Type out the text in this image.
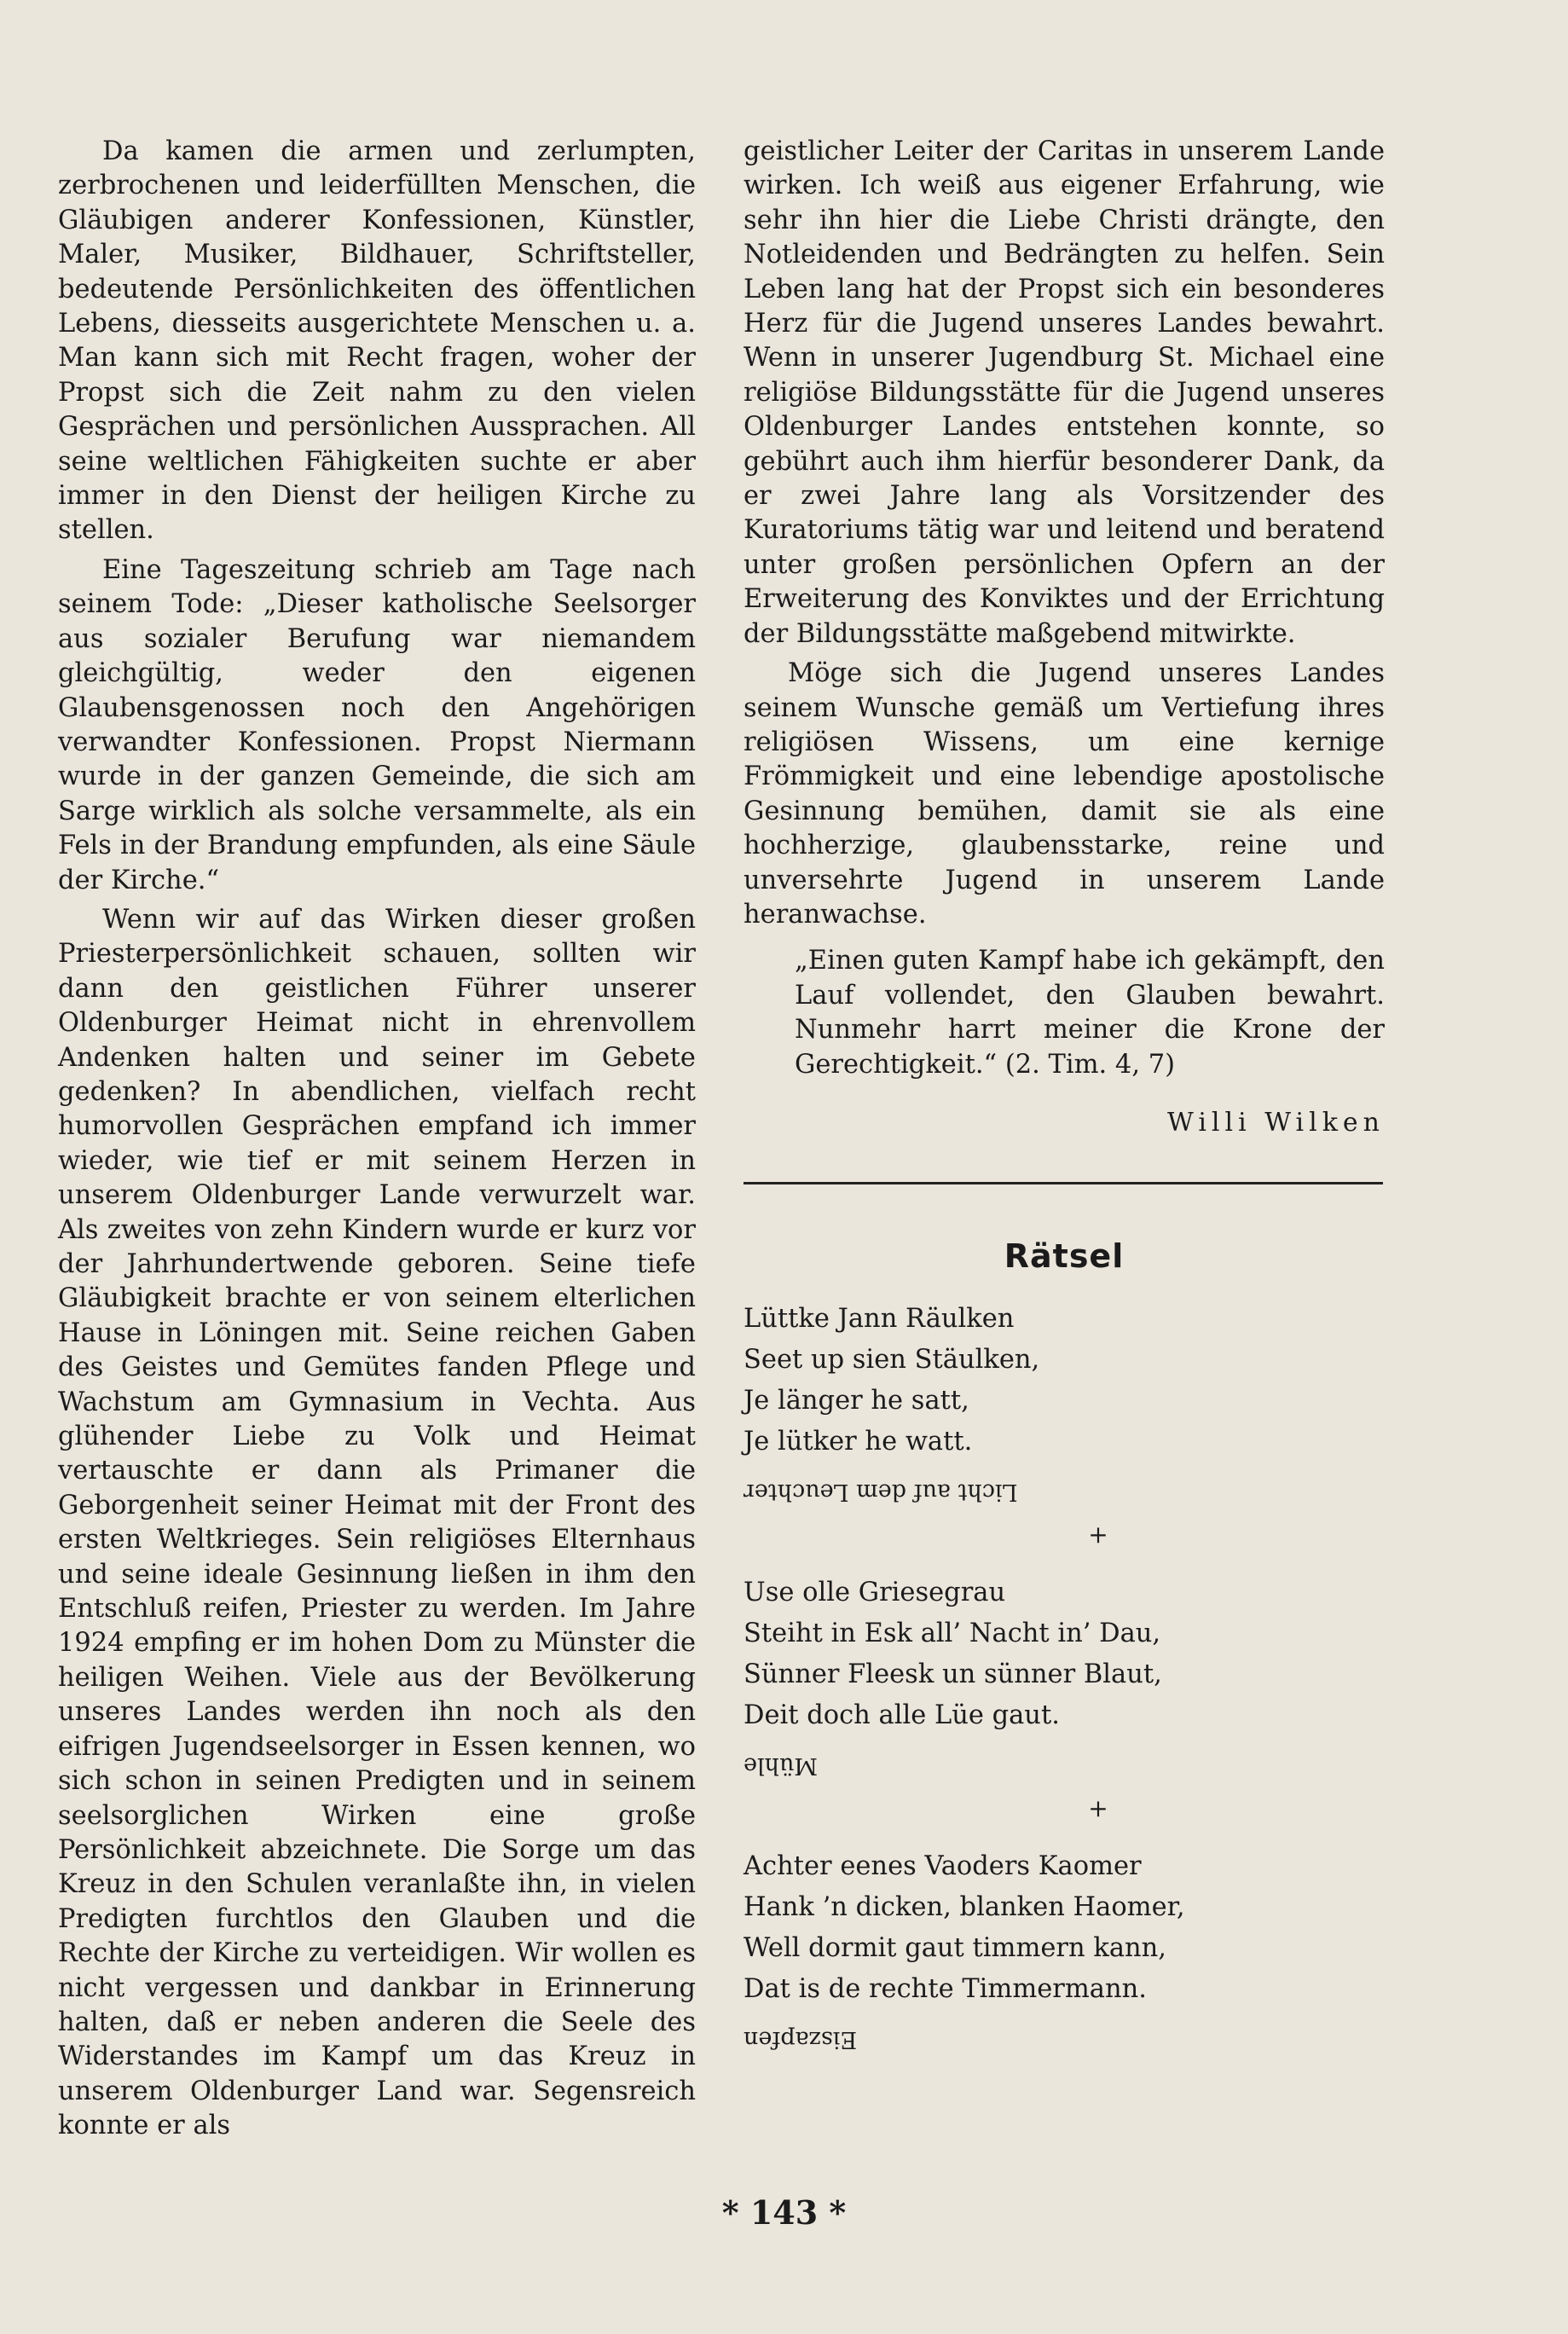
Da kamen die armen und zerlumpten, zerbrochenen und leiderfüllten Menschen, die Gläubigen anderer Konfessionen, Künstler, Maler, Musiker, Bildhauer, Schriftsteller, bedeutende Persönlichkeiten des öffentlichen Lebens, diesseits ausgerichtete Menschen u. a. Man kann sich mit Recht fragen, woher der Propst sich die Zeit nahm zu den vielen Gesprächen und persönlichen Aussprachen. All seine weltlichen Fähigkeiten suchte er aber immer in den Dienst der heiligen Kirche zu stellen.

Eine Tageszeitung schrieb am Tage nach seinem Tode: „Dieser katholische Seelsorger aus sozialer Berufung war niemandem gleichgültig, weder den eigenen Glaubensgenossen noch den Angehörigen verwandter Konfessionen. Propst Niermann wurde in der ganzen Gemeinde, die sich am Sarge wirklich als solche versammelte, als ein Fels in der Brandung empfunden, als eine Säule der Kirche.“

Wenn wir auf das Wirken dieser großen Priesterpersönlichkeit schauen, sollten wir dann den geistlichen Führer unserer Oldenburger Heimat nicht in ehrenvollem Andenken halten und seiner im Gebete gedenken? In abendlichen, vielfach recht humorvollen Gesprächen empfand ich immer wieder, wie tief er mit seinem Herzen in unserem Oldenburger Lande verwurzelt war. Als zweites von zehn Kindern wurde er kurz vor der Jahrhundertwende geboren. Seine tiefe Gläubigkeit brachte er von seinem elterlichen Hause in Löningen mit. Seine reichen Gaben des Geistes und Gemütes fanden Pflege und Wachstum am Gymnasium in Vechta. Aus glühender Liebe zu Volk und Heimat vertauschte er dann als Primaner die Geborgenheit seiner Heimat mit der Front des ersten Weltkrieges. Sein religiöses Elternhaus und seine ideale Gesinnung ließen in ihm den Entschluß reifen, Priester zu werden. Im Jahre 1924 empfing er im hohen Dom zu Münster die heiligen Weihen. Viele aus der Bevölkerung unseres Landes werden ihn noch als den eifrigen Jugendseelsorger in Essen kennen, wo sich schon in seinen Predigten und in seinem seelsorglichen Wirken eine große Persönlichkeit abzeichnete. Die Sorge um das Kreuz in den Schulen veranlaßte ihn, in vielen Predigten furchtlos den Glauben und die Rechte der Kirche zu verteidigen. Wir wollen es nicht vergessen und dankbar in Erinnerung halten, daß er neben anderen die Seele des Widerstandes im Kampf um das Kreuz in unserem Oldenburger Land war. Segensreich konnte er als

geistlicher Leiter der Caritas in unserem Lande wirken. Ich weiß aus eigener Erfahrung, wie sehr ihn hier die Liebe Christi drängte, den Notleidenden und Bedrängten zu helfen. Sein Leben lang hat der Propst sich ein besonderes Herz für die Jugend unseres Landes bewahrt. Wenn in unserer Jugendburg St. Michael eine religiöse Bildungsstätte für die Jugend unseres Oldenburger Landes entstehen konnte, so gebührt auch ihm hierfür besonderer Dank, da er zwei Jahre lang als Vorsitzender des Kuratoriums tätig war und leitend und beratend unter großen persönlichen Opfern an der Erweiterung des Konviktes und der Errichtung der Bildungsstätte maßgebend mitwirkte.

Möge sich die Jugend unseres Landes seinem Wunsche gemäß um Vertiefung ihres religiösen Wissens, um eine kernige Frömmigkeit und eine lebendige apostolische Gesinnung bemühen, damit sie als eine hochherzige, glaubensstarke, reine und unversehrte Jugend in unserem Lande heranwachse.

„Einen guten Kampf habe ich gekämpft, den Lauf vollendet, den Glauben bewahrt. Nunmehr harrt meiner die Krone der Gerechtigkeit.“ (2. Tim. 4, 7)

Willi Wilken
Rätsel
Lüttke Jann Räulken
Seet up sien Stäulken,
Je länger he satt,
Je lütker he watt.
Licht auf dem Leuchter
+
Use olle Griesegrau
Steiht in Esk all’ Nacht in’ Dau,
Sünner Fleesk un sünner Blaut,
Deit doch alle Lüe gaut.
Mühle
+
Achter eenes Vaoders Kaomer
Hank ’n dicken, blanken Haomer,
Well dormit gaut timmern kann,
Dat is de rechte Timmermann.
Eiszapfen
* 143 *
